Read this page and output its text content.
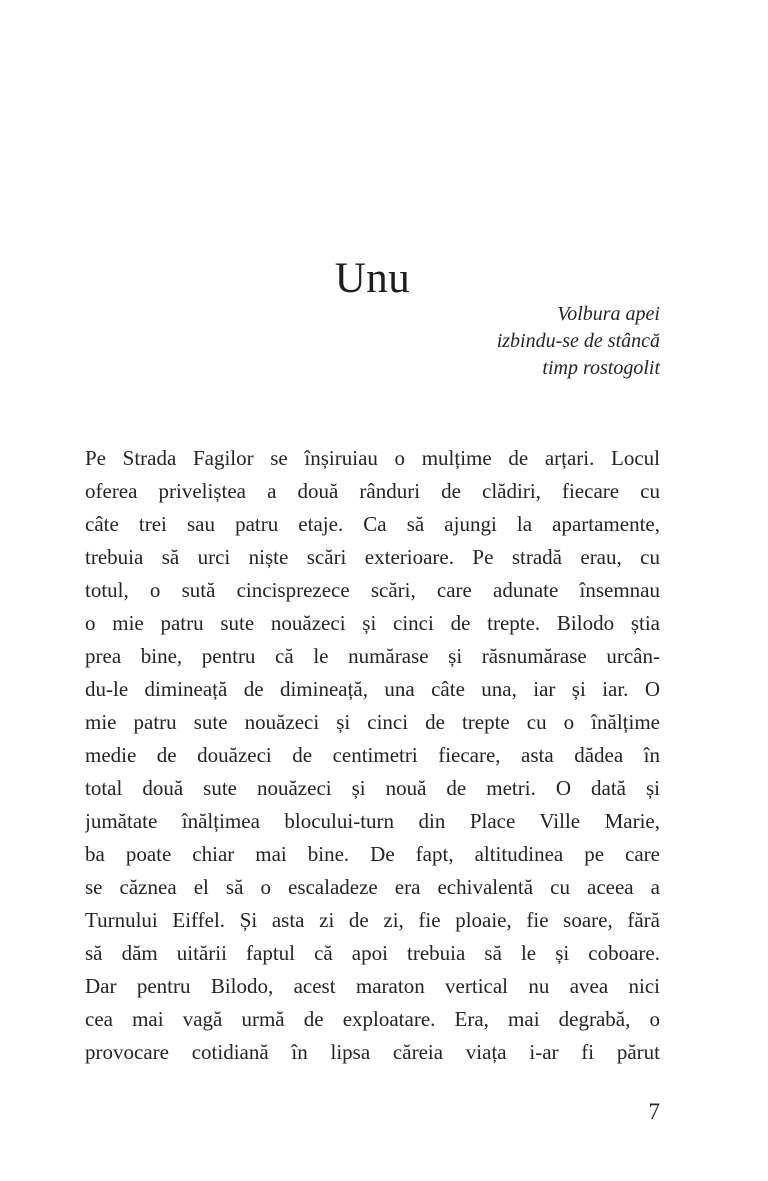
Unu
Volbura apei
izbindu-se de stâncă
timp rostogolit
Pe Strada Fagilor se înșiruiau o mulțime de arțari. Locul
oferea priveliștea a două rânduri de clădiri, fiecare cu
câte trei sau patru etaje. Ca să ajungi la apartamente,
trebuia să urci niște scări exterioare. Pe stradă erau, cu
totul, o sută cincisprezece scări, care adunate însemnau
o mie patru sute nouăzeci și cinci de trepte. Bilodo știa
prea bine, pentru că le numărase și răsnumărase urcân-
du-le dimineață de dimineață, una câte una, iar și iar. O
mie patru sute nouăzeci și cinci de trepte cu o înălțime
medie de douăzeci de centimetri fiecare, asta dădea în
total două sute nouăzeci și nouă de metri. O dată și
jumătate înălțimea blocului-turn din Place Ville Marie,
ba poate chiar mai bine. De fapt, altitudinea pe care
se căznea el să o escaladeze era echivalentă cu aceea a
Turnului Eiffel. Și asta zi de zi, fie ploaie, fie soare, fără
să dăm uitării faptul că apoi trebuia să le și coboare.
Dar pentru Bilodo, acest maraton vertical nu avea nici
cea mai vagă urmă de exploatare. Era, mai degrabă, o
provocare cotidiană în lipsa căreia viața i-ar fi părut
7
